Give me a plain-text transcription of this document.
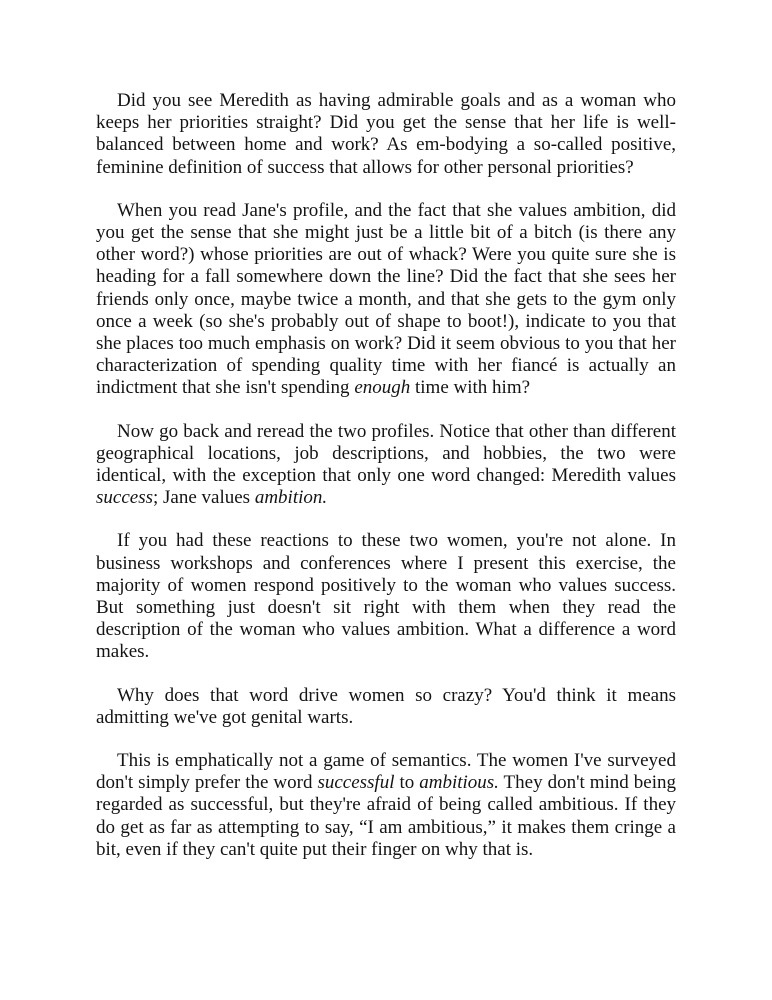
Did you see Meredith as having admirable goals and as a woman who keeps her priorities straight? Did you get the sense that her life is well-balanced between home and work? As em-bodying a so-called positive, feminine definition of success that allows for other personal priorities?

When you read Jane's profile, and the fact that she values ambition, did you get the sense that she might just be a little bit of a bitch (is there any other word?) whose priorities are out of whack? Were you quite sure she is heading for a fall somewhere down the line? Did the fact that she sees her friends only once, maybe twice a month, and that she gets to the gym only once a week (so she's probably out of shape to boot!), indicate to you that she places too much emphasis on work? Did it seem obvious to you that her characterization of spending quality time with her fiancé is actually an indictment that she isn't spending enough time with him?

Now go back and reread the two profiles. Notice that other than different geographical locations, job descriptions, and hobbies, the two were identical, with the exception that only one word changed: Meredith values success; Jane values ambition.

If you had these reactions to these two women, you're not alone. In business workshops and conferences where I present this exercise, the majority of women respond positively to the woman who values success. But something just doesn't sit right with them when they read the description of the woman who values ambition. What a difference a word makes.

Why does that word drive women so crazy? You'd think it means admitting we've got genital warts.

This is emphatically not a game of semantics. The women I've surveyed don't simply prefer the word successful to ambitious. They don't mind being regarded as successful, but they're afraid of being called ambitious. If they do get as far as attempting to say, “I am ambitious,” it makes them cringe a bit, even if they can't quite put their finger on why that is.
